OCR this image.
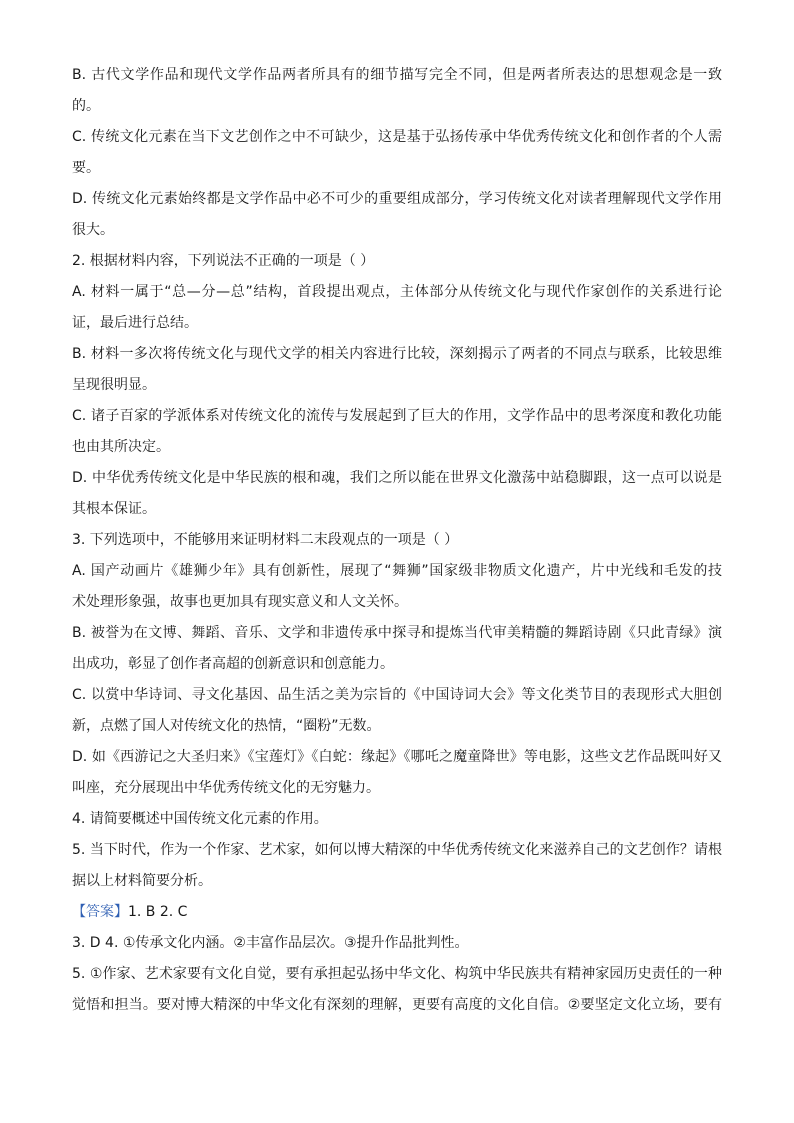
B. 古代文学作品和现代文学作品两者所具有的细节描写完全不同，但是两者所表达的思想观念是一致
的。
C. 传统文化元素在当下文艺创作之中不可缺少，这是基于弘扬传承中华优秀传统文化和创作者的个人需
要。
D. 传统文化元素始终都是文学作品中必不可少的重要组成部分，学习传统文化对读者理解现代文学作用
很大。
2. 根据材料内容，下列说法不正确的一项是（ ）
A. 材料一属于“总—分—总”结构，首段提出观点，主体部分从传统文化与现代作家创作的关系进行论
证，最后进行总结。
B. 材料一多次将传统文化与现代文学的相关内容进行比较，深刻揭示了两者的不同点与联系，比较思维
呈现很明显。
C. 诸子百家的学派体系对传统文化的流传与发展起到了巨大的作用，文学作品中的思考深度和教化功能
也由其所决定。
D. 中华优秀传统文化是中华民族的根和魂，我们之所以能在世界文化激荡中站稳脚跟，这一点可以说是
其根本保证。
3. 下列选项中，不能够用来证明材料二末段观点的一项是（ ）
A. 国产动画片《雄狮少年》具有创新性，展现了“舞狮”国家级非物质文化遗产，片中光线和毛发的技
术处理形象强，故事也更加具有现实意义和人文关怀。
B. 被誉为在文博、舞蹈、音乐、文学和非遗传承中探寻和提炼当代审美精髓的舞蹈诗剧《只此青绿》演
出成功，彰显了创作者高超的创新意识和创意能力。
C. 以赏中华诗词、寻文化基因、品生活之美为宗旨的《中国诗词大会》等文化类节目的表现形式大胆创
新，点燃了国人对传统文化的热情，“圈粉”无数。
D. 如《西游记之大圣归来》《宝莲灯》《白蛇：缘起》《哪吒之魔童降世》等电影，这些文艺作品既叫好又
叫座，充分展现出中华优秀传统文化的无穷魅力。
4. 请简要概述中国传统文化元素的作用。
5. 当下时代，作为一个作家、艺术家，如何以博大精深的中华优秀传统文化来滋养自己的文艺创作？请根
据以上材料简要分析。
【答案】1. B 2. C
3. D 4. ①传承文化内涵。②丰富作品层次。③提升作品批判性。
5. ①作家、艺术家要有文化自觉，要有承担起弘扬中华文化、构筑中华民族共有精神家园历史责任的一种
觉悟和担当。要对博大精深的中华文化有深刻的理解，更要有高度的文化自信。②要坚定文化立场，要有
